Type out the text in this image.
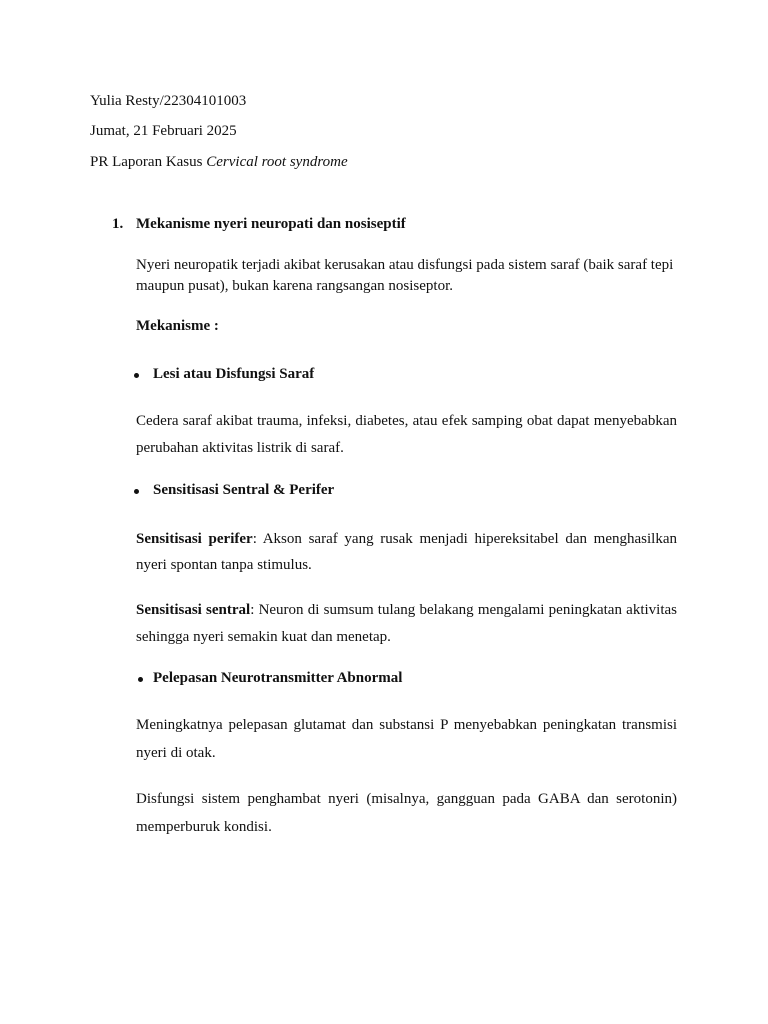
Yulia Resty/22304101003

Jumat, 21 Februari 2025

PR Laporan Kasus Cervical root syndrome

1. Mekanisme nyeri neuropati dan nosiseptif

Nyeri neuropatik terjadi akibat kerusakan atau disfungsi pada sistem saraf (baik saraf tepi

maupun pusat), bukan karena rangsangan nosiseptor.

Mekanisme :

Lesi atau Disfungsi Saraf

Cedera saraf akibat trauma, infeksi, diabetes, atau efek samping obat dapat menyebabkan perubahan aktivitas listrik di saraf.

Sensitisasi Sentral & Perifer

Sensitisasi perifer: Akson saraf yang rusak menjadi hipereksitabel dan menghasilkan nyeri spontan tanpa stimulus.

Sensitisasi sentral: Neuron di sumsum tulang belakang mengalami peningkatan aktivitas sehingga nyeri semakin kuat dan menetap.

Pelepasan Neurotransmitter Abnormal

Meningkatnya pelepasan glutamat dan substansi P menyebabkan peningkatan transmisi nyeri di otak.

Disfungsi sistem penghambat nyeri (misalnya, gangguan pada GABA dan serotonin) memperburuk kondisi.
